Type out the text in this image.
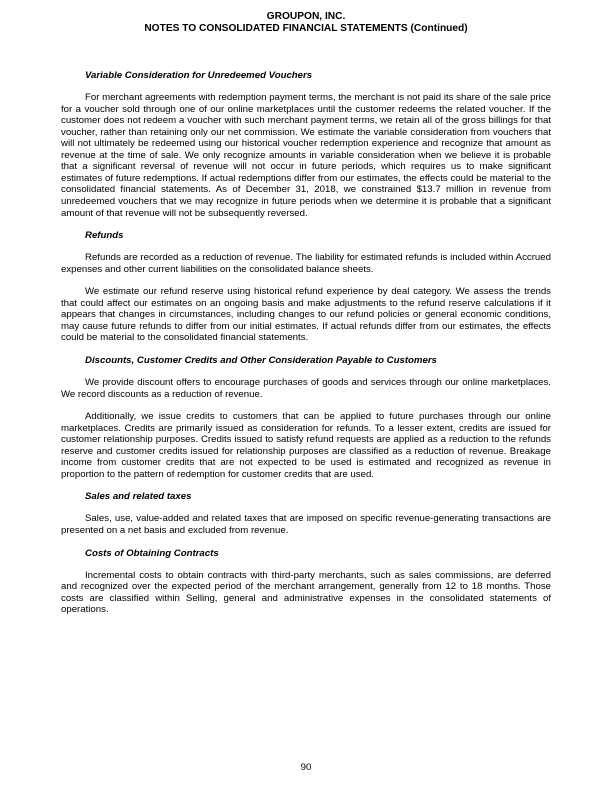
GROUPON, INC.
NOTES TO CONSOLIDATED FINANCIAL STATEMENTS (Continued)
Variable Consideration for Unredeemed Vouchers

For merchant agreements with redemption payment terms, the merchant is not paid its share of the sale price for a voucher sold through one of our online marketplaces until the customer redeems the related voucher. If the customer does not redeem a voucher with such merchant payment terms, we retain all of the gross billings for that voucher, rather than retaining only our net commission. We estimate the variable consideration from vouchers that will not ultimately be redeemed using our historical voucher redemption experience and recognize that amount as revenue at the time of sale. We only recognize amounts in variable consideration when we believe it is probable that a significant reversal of revenue will not occur in future periods, which requires us to make significant estimates of future redemptions. If actual redemptions differ from our estimates, the effects could be material to the consolidated financial statements. As of December 31, 2018, we constrained $13.7 million in revenue from unredeemed vouchers that we may recognize in future periods when we determine it is probable that a significant amount of that revenue will not be subsequently reversed.

Refunds

Refunds are recorded as a reduction of revenue. The liability for estimated refunds is included within Accrued expenses and other current liabilities on the consolidated balance sheets.

We estimate our refund reserve using historical refund experience by deal category. We assess the trends that could affect our estimates on an ongoing basis and make adjustments to the refund reserve calculations if it appears that changes in circumstances, including changes to our refund policies or general economic conditions, may cause future refunds to differ from our initial estimates. If actual refunds differ from our estimates, the effects could be material to the consolidated financial statements.

Discounts, Customer Credits and Other Consideration Payable to Customers

We provide discount offers to encourage purchases of goods and services through our online marketplaces. We record discounts as a reduction of revenue.

Additionally, we issue credits to customers that can be applied to future purchases through our online marketplaces. Credits are primarily issued as consideration for refunds. To a lesser extent, credits are issued for customer relationship purposes. Credits issued to satisfy refund requests are applied as a reduction to the refunds reserve and customer credits issued for relationship purposes are classified as a reduction of revenue. Breakage income from customer credits that are not expected to be used is estimated and recognized as revenue in proportion to the pattern of redemption for customer credits that are used.

Sales and related taxes

Sales, use, value-added and related taxes that are imposed on specific revenue-generating transactions are presented on a net basis and excluded from revenue.

Costs of Obtaining Contracts

Incremental costs to obtain contracts with third-party merchants, such as sales commissions, are deferred and recognized over the expected period of the merchant arrangement, generally from 12 to 18 months. Those costs are classified within Selling, general and administrative expenses in the consolidated statements of operations.

90
